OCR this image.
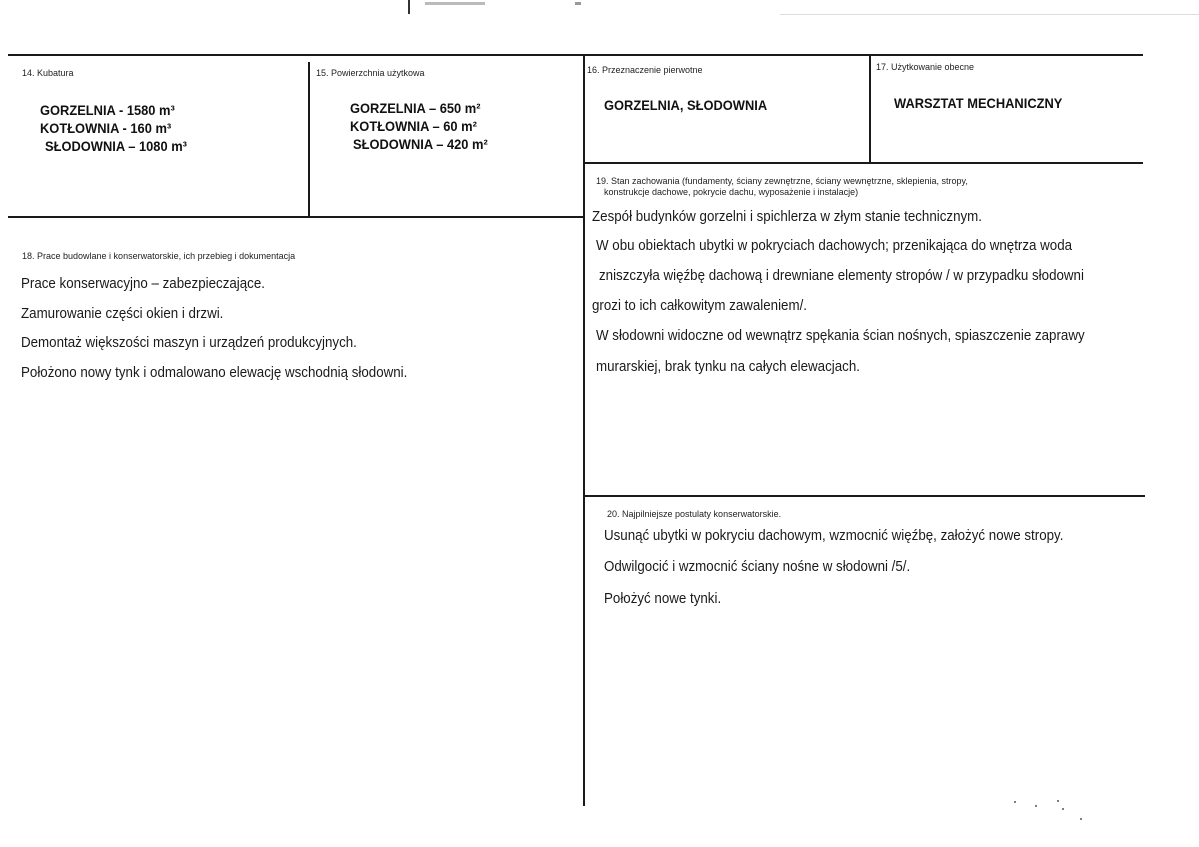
14. Kubatura
GORZELNIA - 1580 m³
KOTŁOWNIA - 160 m³
SŁODOWNIA – 1080 m³
15. Powierzchnia użytkowa
GORZELNIA – 650 m²
KOTŁOWNIA – 60 m²
SŁODOWNIA – 420 m²
16. Przeznaczenie pierwotne
GORZELNIA, SŁODOWNIA
17. Użytkowanie obecne
WARSZTAT MECHANICZNY
18. Prace budowlane i konserwatorskie, ich przebieg i dokumentacja
Prace konserwacyjno – zabezpieczające.
Zamurowanie części okien i drzwi.
Demontaż większości maszyn i urządzeń produkcyjnych.
Położono nowy tynk i odmalowano elewację wschodnią słodowni.
19. Stan zachowania (fundamenty, ściany zewnętrzne, ściany wewnętrzne, sklepienia, stropy,
konstrukcje dachowe, pokrycie dachu, wyposażenie i instalacje)
Zespół budynków gorzelni i spichlerza w złym stanie technicznym.
W obu obiektach ubytki w pokryciach dachowych; przenikająca do wnętrza woda
zniszczyła więźbę dachową i drewniane elementy stropów / w przypadku słodowni
grozi to ich całkowitym zawaleniem/.
W słodowni widoczne od wewnątrz spękania ścian nośnych, spiaszczenie zaprawy
murarskiej, brak tynku na całych elewacjach.
20. Najpilniejsze postulaty konserwatorskie.
Usunąć ubytki w pokryciu dachowym, wzmocnić więźbę, założyć nowe stropy.
Odwilgocić i wzmocnić ściany nośne w słodowni /5/.
Położyć nowe tynki.
